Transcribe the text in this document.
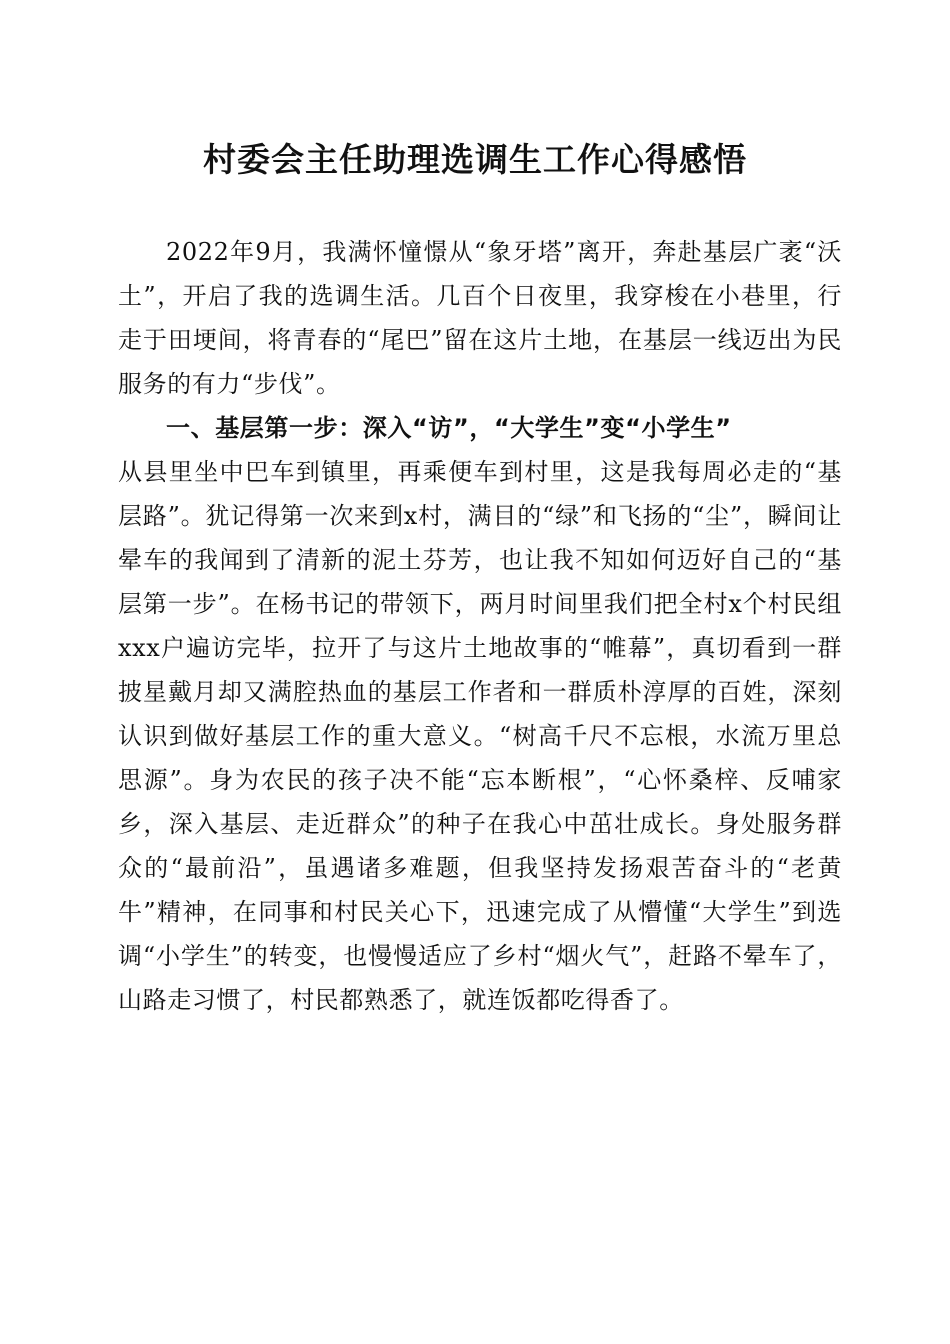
村委会主任助理选调生工作心得感悟

2022年9月，我满怀憧憬从“象牙塔”离开，奔赴基层广袤“沃土”，开启了我的选调生活。几百个日夜里，我穿梭在小巷里，行走于田埂间，将青春的“尾巴”留在这片土地，在基层一线迈出为民服务的有力“步伐”。

一、基层第一步：深入“访”，“大学生”变“小学生”

从县里坐中巴车到镇里，再乘便车到村里，这是我每周必走的“基层路”。犹记得第一次来到x村，满目的“绿”和飞扬的“尘”，瞬间让晕车的我闻到了清新的泥土芬芳，也让我不知如何迈好自己的“基层第一步”。在杨书记的带领下，两月时间里我们把全村x个村民组xxx户遍访完毕，拉开了与这片土地故事的“帷幕”，真切看到一群披星戴月却又满腔热血的基层工作者和一群质朴淳厚的百姓，深刻认识到做好基层工作的重大意义。“树高千尺不忘根，水流万里总思源”。身为农民的孩子决不能“忘本断根”，“心怀桑梓、反哺家乡，深入基层、走近群众”的种子在我心中茁壮成长。身处服务群众的“最前沿”，虽遇诸多难题，但我坚持发扬艰苦奋斗的“老黄牛”精神，在同事和村民关心下，迅速完成了从懵懂“大学生”到选调“小学生”的转变，也慢慢适应了乡村“烟火气”，赶路不晕车了，山路走习惯了，村民都熟悉了，就连饭都吃得香了。
